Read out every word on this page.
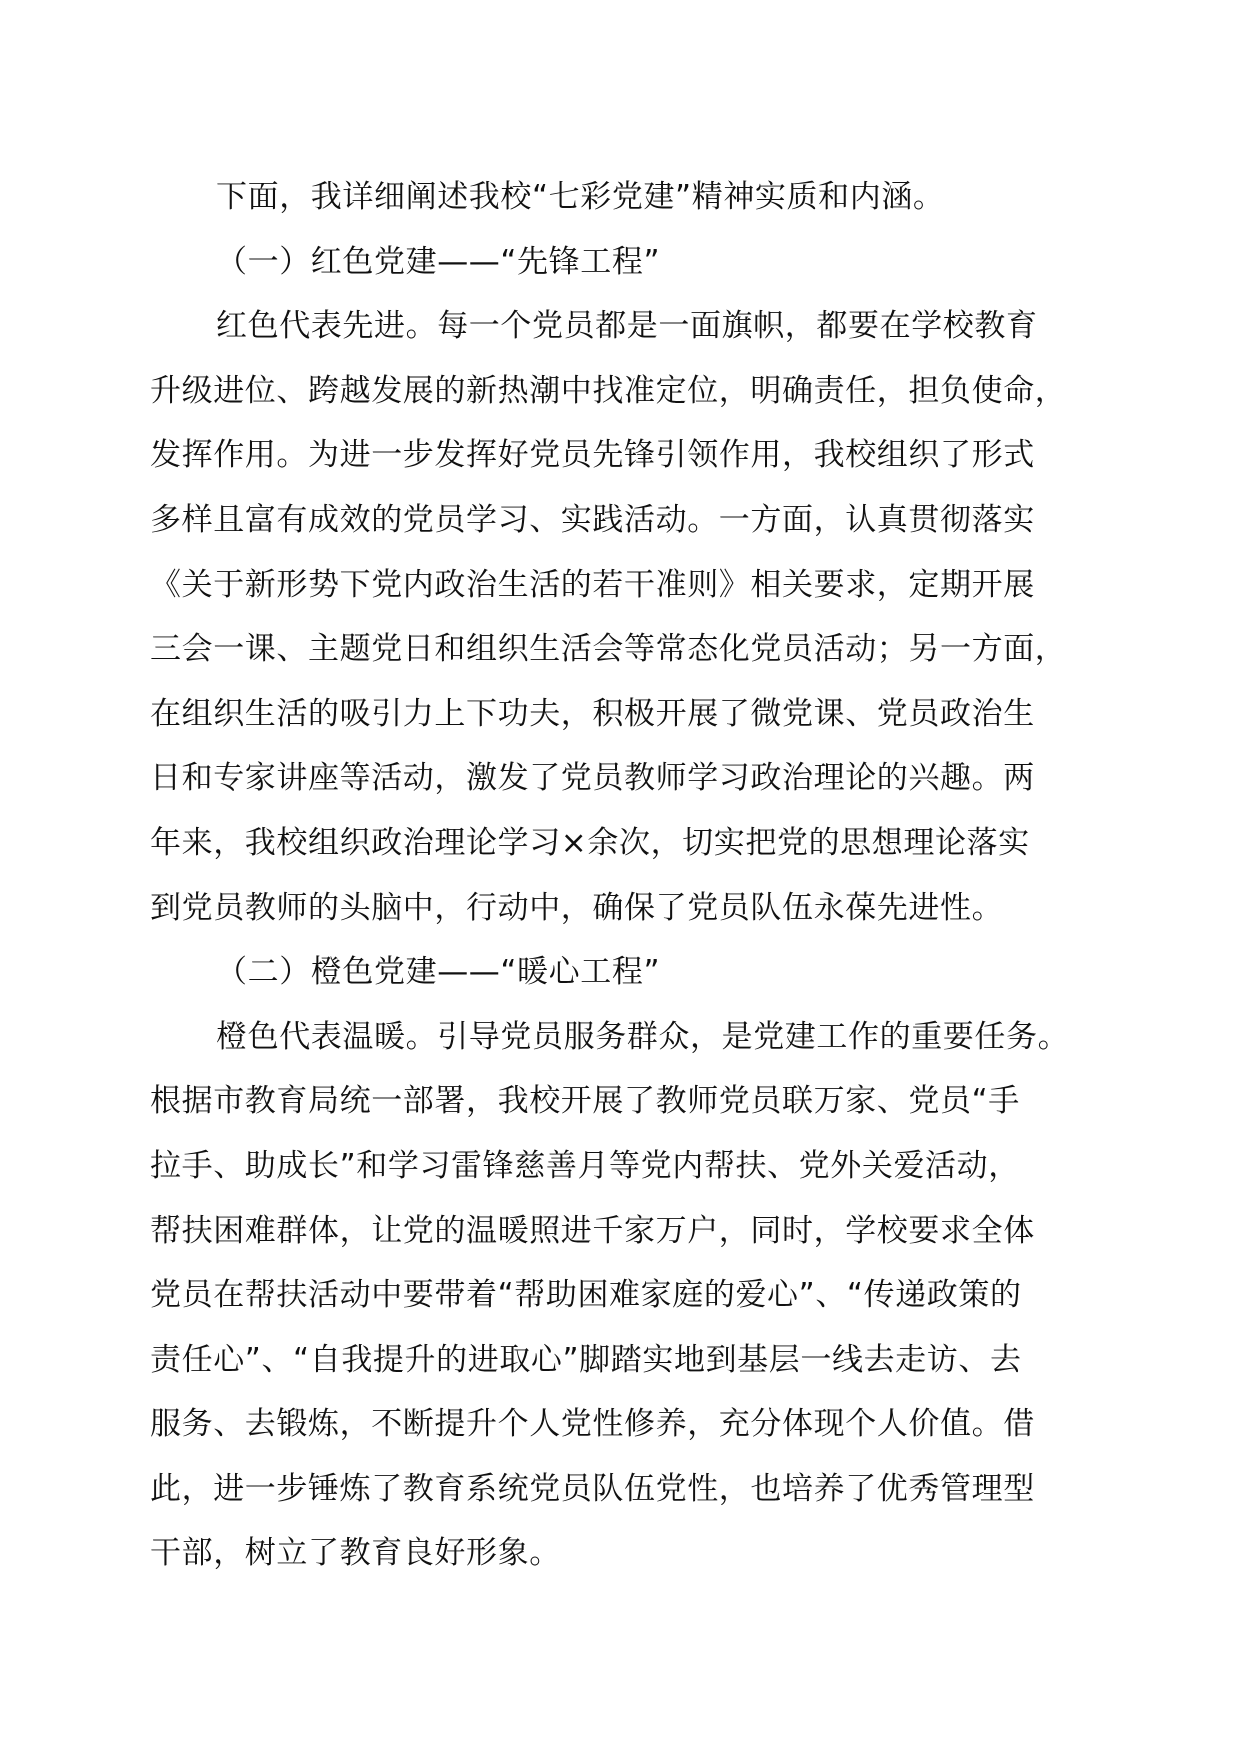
下面，我详细阐述我校“七彩党建”精神实质和内涵。
（一）红色党建——“先锋工程”
红色代表先进。每一个党员都是一面旗帜，都要在学校教育
升级进位、跨越发展的新热潮中找准定位，明确责任，担负使命，
发挥作用。为进一步发挥好党员先锋引领作用，我校组织了形式
多样且富有成效的党员学习、实践活动。一方面，认真贯彻落实
《关于新形势下党内政治生活的若干准则》相关要求，定期开展
三会一课、主题党日和组织生活会等常态化党员活动；另一方面，
在组织生活的吸引力上下功夫，积极开展了微党课、党员政治生
日和专家讲座等活动，激发了党员教师学习政治理论的兴趣。两
年来，我校组织政治理论学习×余次，切实把党的思想理论落实
到党员教师的头脑中，行动中，确保了党员队伍永葆先进性。
（二）橙色党建——“暖心工程”
橙色代表温暖。引导党员服务群众，是党建工作的重要任务。
根据市教育局统一部署，我校开展了教师党员联万家、党员“手
拉手、助成长”和学习雷锋慈善月等党内帮扶、党外关爱活动，
帮扶困难群体，让党的温暖照进千家万户，同时，学校要求全体
党员在帮扶活动中要带着“帮助困难家庭的爱心”、“传递政策的
责任心”、“自我提升的进取心”脚踏实地到基层一线去走访、去
服务、去锻炼，不断提升个人党性修养，充分体现个人价值。借
此，进一步锤炼了教育系统党员队伍党性，也培养了优秀管理型
干部，树立了教育良好形象。
